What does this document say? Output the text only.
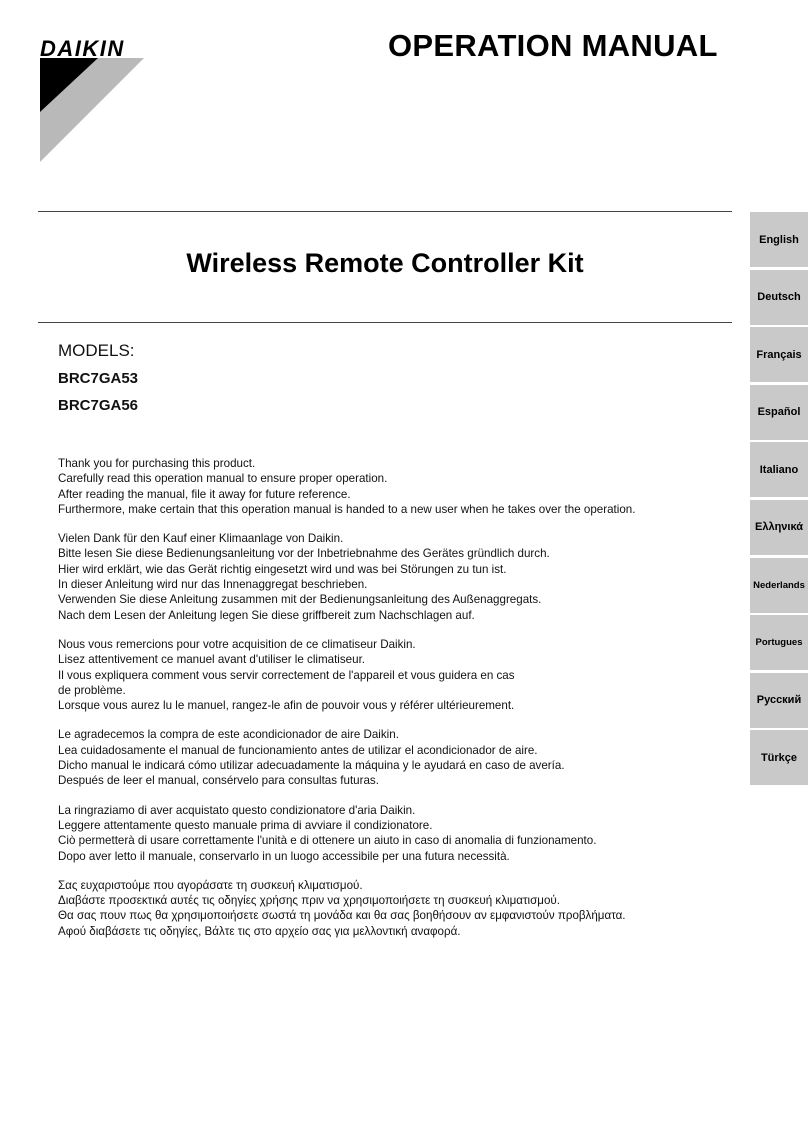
DAIKIN	OPERATION MANUAL
Wireless Remote Controller Kit
MODELS:
BRC7GA53
BRC7GA56
Thank you for purchasing this product.
Carefully read this operation manual to ensure proper operation.
After reading the manual, file it away for future reference.
Furthermore, make certain that this operation manual is handed to a new user when he takes over the operation.
Vielen Dank für den Kauf einer Klimaanlage von Daikin.
Bitte lesen Sie diese Bedienungsanleitung vor der Inbetriebnahme des Gerätes gründlich durch.
Hier wird erklärt, wie das Gerät richtig eingesetzt wird und was bei Störungen zu tun ist.
In dieser Anleitung wird nur das Innenaggregat beschrieben.
Verwenden Sie diese Anleitung zusammen mit der Bedienungsanleitung des Außenaggregats.
Nach dem Lesen der Anleitung legen Sie diese griffbereit zum Nachschlagen auf.
Nous vous remercions pour votre acquisition de ce climatiseur Daikin.
Lisez attentivement ce manuel avant d'utiliser le climatiseur.
Il vous expliquera comment vous servir correctement de l'appareil et vous guidera en cas
de problème.
Lorsque vous aurez lu le manuel, rangez-le afin de pouvoir vous y référer ultérieurement.
Le agradecemos la compra de este acondicionador de aire Daikin.
Lea cuidadosamente el manual de funcionamiento antes de utilizar el acondicionador de aire.
Dicho manual le indicará cómo utilizar adecuadamente la máquina y le ayudará en caso de avería.
Después de leer el manual, consérvelo para consultas futuras.
La ringraziamo di aver acquistato questo condizionatore d'aria Daikin.
Leggere attentamente questo manuale prima di avviare il condizionatore.
Ciò permetterà di usare correttamente l'unità e di ottenere un aiuto in caso di anomalia di funzionamento.
Dopo aver letto il manuale, conservarlo in un luogo accessibile per una futura necessità.
Σας ευχαριστούμε που αγοράσατε τη συσκευή κλιματισμού.
Διαβάστε προσεκτικά αυτές τις οδηγίες χρήσης πριν να χρησιμοποιήσετε τη συσκευή κλιματισμού.
Θα σας πουν πως θα χρησιμοποιήσετε σωστά τη μονάδα και θα σας βοηθήσουν αν εμφανιστούν προβλήματα.
Αφού διαβάσετε τις οδηγίες, Βάλτε τις στο αρχείο σας για μελλοντική αναφορά.
English
Deutsch
Français
Español
Italiano
Ελληνικά
Nederlands
Portugues
Русский
Türkçe
